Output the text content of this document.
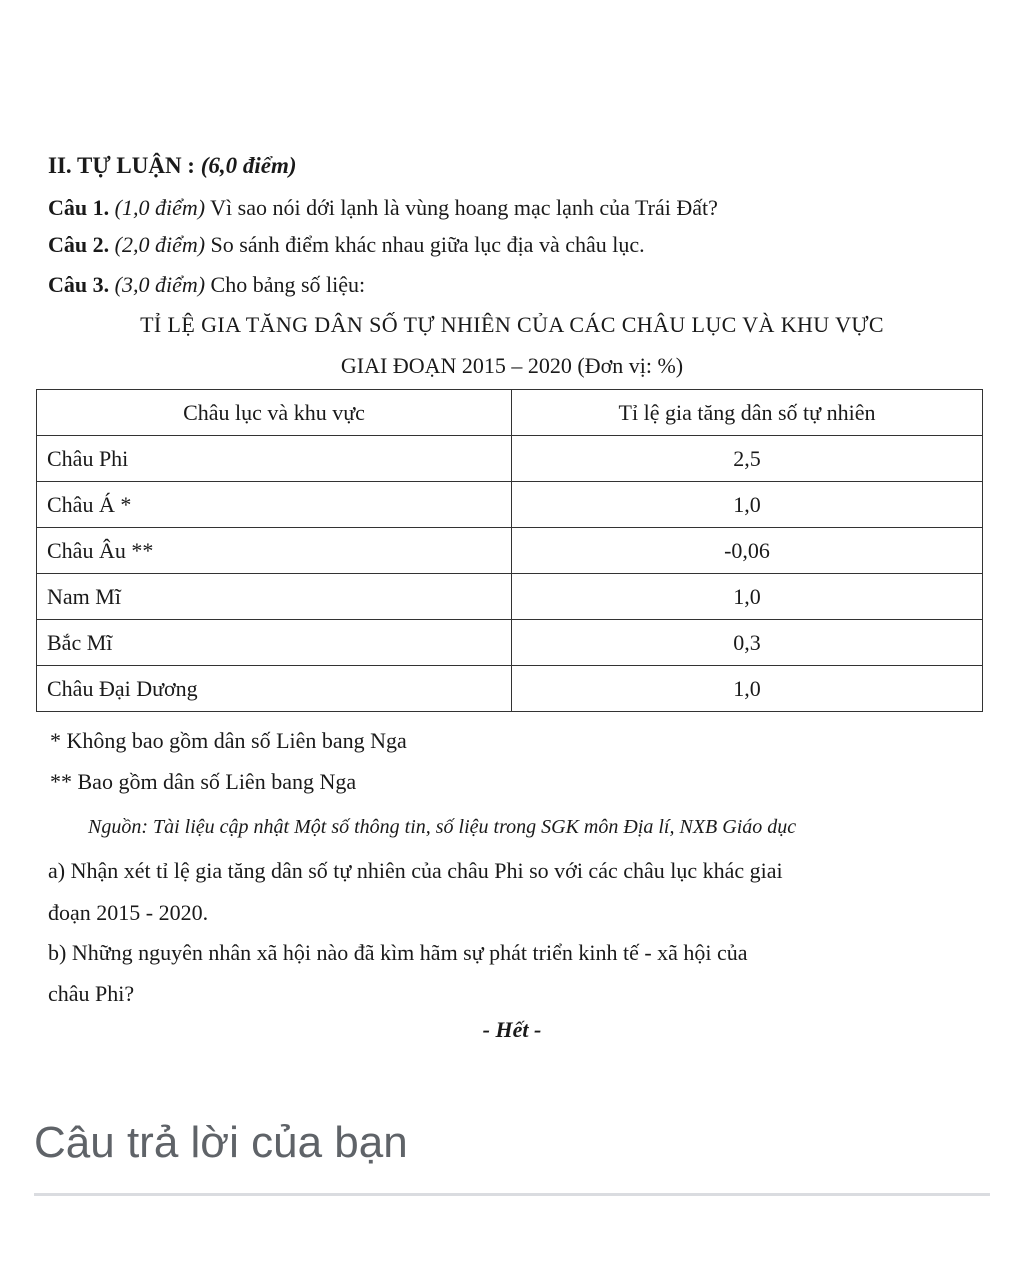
II. TỰ LUẬN : (6,0 điểm)
Câu 1. (1,0 điểm) Vì sao nói dới lạnh là vùng hoang mạc lạnh của Trái Đất?
Câu 2. (2,0 điểm) So sánh điểm khác nhau giữa lục địa và châu lục.
Câu 3. (3,0 điểm) Cho bảng số liệu:
TỈ LỆ GIA TĂNG DÂN SỐ TỰ NHIÊN CỦA CÁC CHÂU LỤC VÀ KHU VỰC
GIAI ĐOẠN 2015 – 2020 (Đơn vị: %)
Châu lục và khu vực	Tỉ lệ gia tăng dân số tự nhiên
Châu Phi	2,5
Châu Á *	1,0
Châu Âu **	-0,06
Nam Mĩ	1,0
Bắc Mĩ	0,3
Châu Đại Dương	1,0
* Không bao gồm dân số Liên bang Nga
** Bao gồm dân số Liên bang Nga
Nguồn: Tài liệu cập nhật Một số thông tin, số liệu trong SGK môn Địa lí, NXB Giáo dục
a) Nhận xét tỉ lệ gia tăng dân số tự nhiên của châu Phi so với các châu lục khác giai
đoạn 2015 - 2020.
b) Những nguyên nhân xã hội nào đã kìm hãm sự phát triển kinh tế - xã hội của
châu Phi?
- Hết -
Câu trả lời của bạn
